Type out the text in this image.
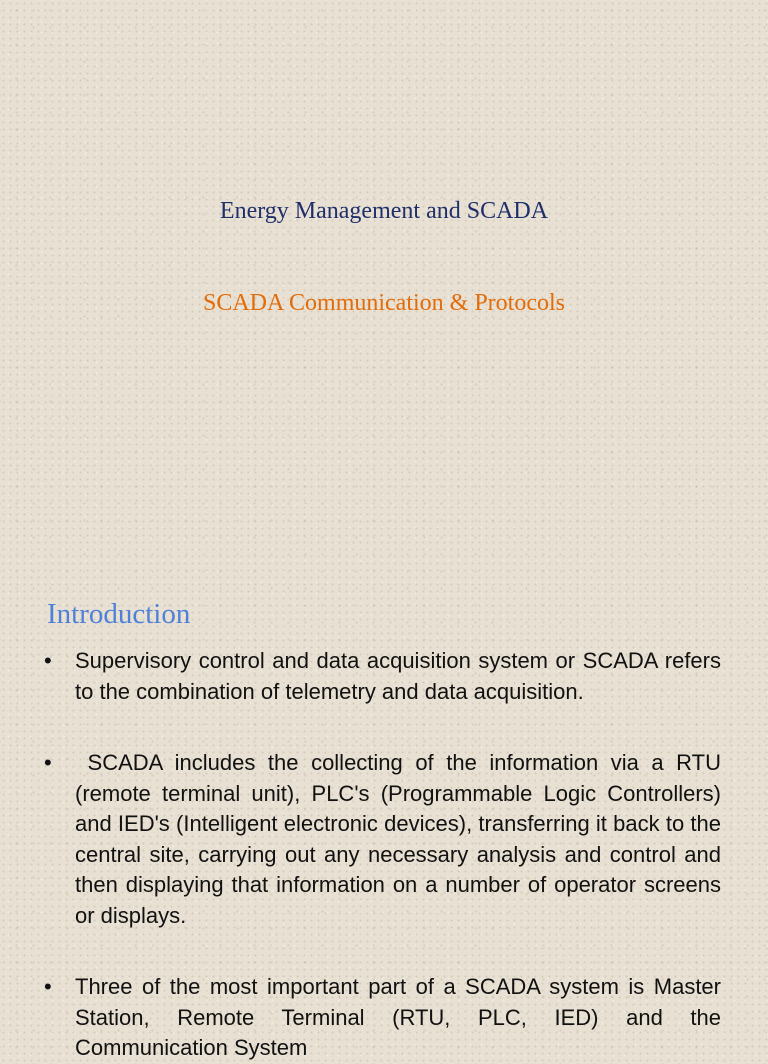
Energy Management and SCADA
SCADA Communication & Protocols
Introduction
• Supervisory control and data acquisition system or SCADA refers to the combination of telemetry and data acquisition.
• SCADA includes the collecting of the information via a RTU (remote terminal unit), PLC's (Programmable Logic Controllers) and IED's (Intelligent electronic devices), transferring it back to the central site, carrying out any necessary analysis and control and then displaying that information on a number of operator screens or displays.
• Three of the most important part of a SCADA system is Master Station, Remote Terminal (RTU, PLC, IED) and the Communication System
